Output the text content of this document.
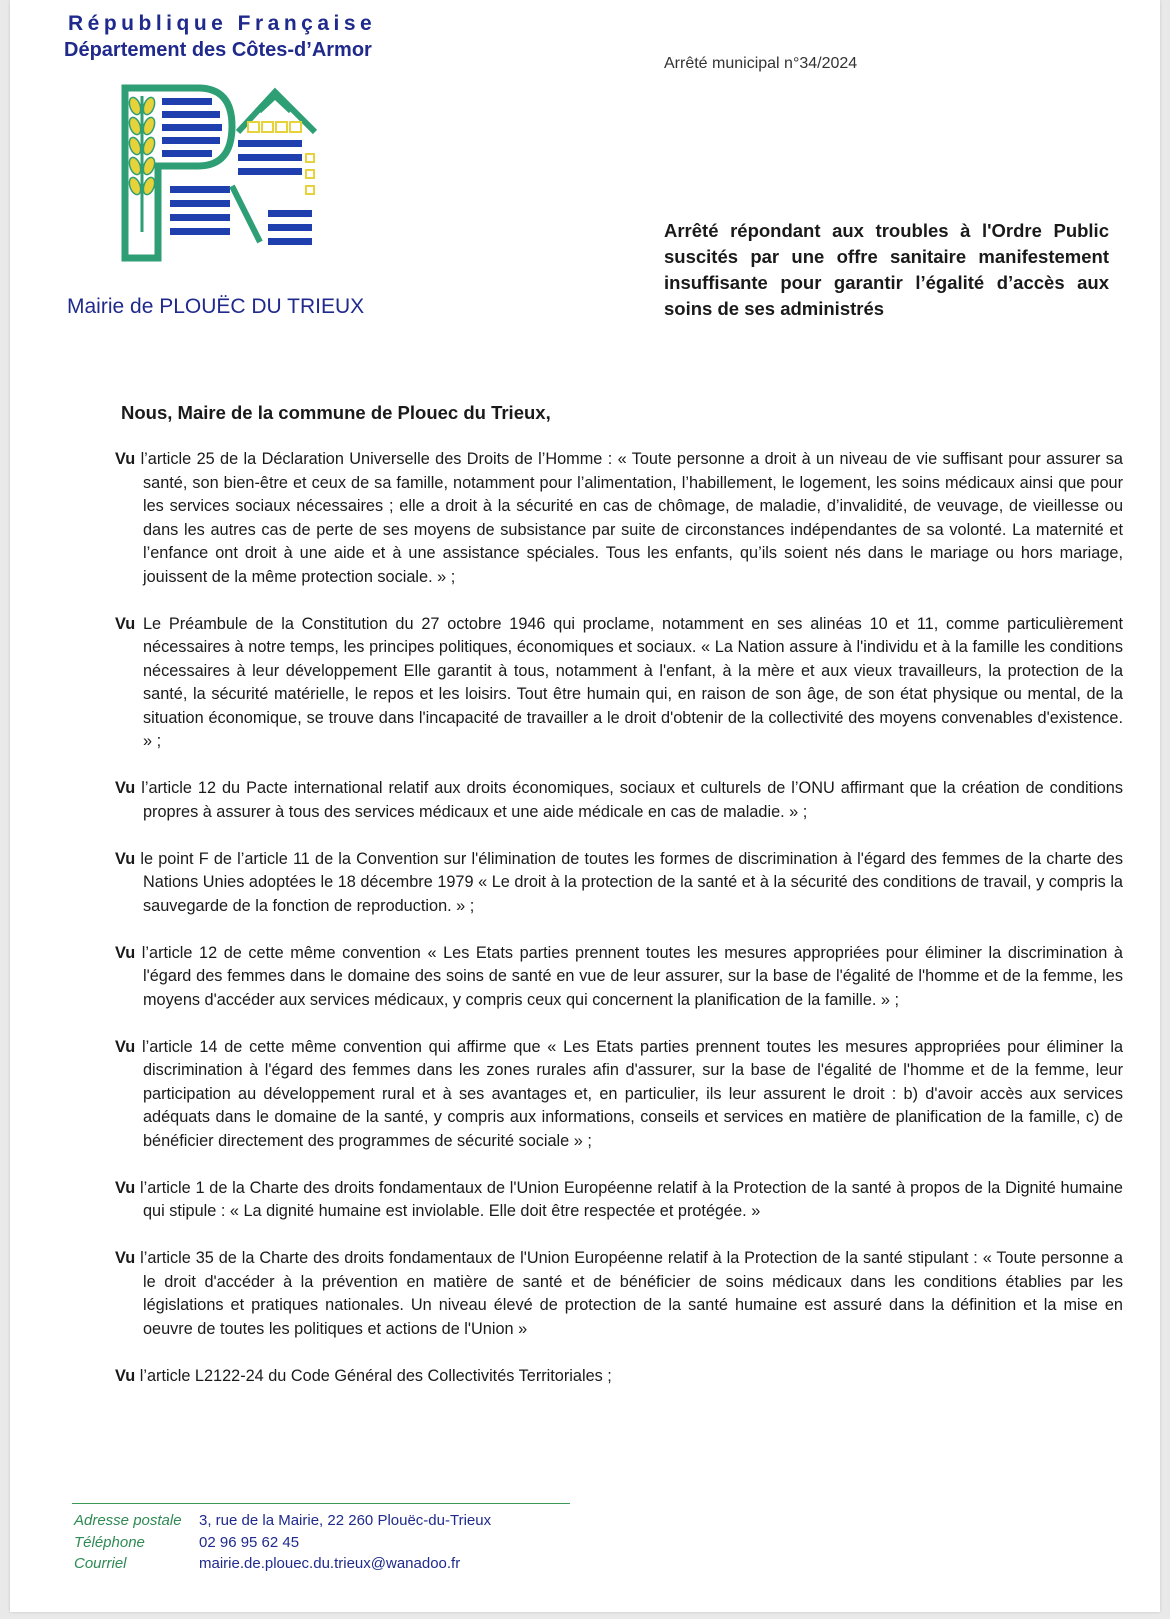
République Française
Département des Côtes-d’Armor
Mairie de PLOUËC DU TRIEUX
Arrêté municipal n°34/2024
Arrêté répondant aux troubles à l'Ordre Public suscités par une offre sanitaire manifestement insuffisante pour garantir l’égalité d’accès aux soins de ses administrés
Nous, Maire de la commune de Plouec du Trieux,

Vu l’article 25 de la Déclaration Universelle des Droits de l’Homme : « Toute personne a droit à un niveau de vie suffisant pour assurer sa santé, son bien-être et ceux de sa famille, notamment pour l’alimentation, l’habillement, le logement, les soins médicaux ainsi que pour les services sociaux nécessaires ; elle a droit à la sécurité en cas de chômage, de maladie, d’invalidité, de veuvage, de vieillesse ou dans les autres cas de perte de ses moyens de subsistance par suite de circonstances indépendantes de sa volonté. La maternité et l’enfance ont droit à une aide et à une assistance spéciales. Tous les enfants, qu’ils soient nés dans le mariage ou hors mariage, jouissent de la même protection sociale. » ;

Vu Le Préambule de la Constitution du 27 octobre 1946 qui proclame, notamment en ses alinéas 10 et 11, comme particulièrement nécessaires à notre temps, les principes politiques, économiques et sociaux. « La Nation assure à l'individu et à la famille les conditions nécessaires à leur développement Elle garantit à tous, notamment à l'enfant, à la mère et aux vieux travailleurs, la protection de la santé, la sécurité matérielle, le repos et les loisirs. Tout être humain qui, en raison de son âge, de son état physique ou mental, de la situation économique, se trouve dans l'incapacité de travailler a le droit d'obtenir de la collectivité des moyens convenables d'existence. » ;

Vu l’article 12 du Pacte international relatif aux droits économiques, sociaux et culturels de l’ONU affirmant que la création de conditions propres à assurer à tous des services médicaux et une aide médicale en cas de maladie. » ;

Vu le point F de l’article 11 de la Convention sur l'élimination de toutes les formes de discrimination à l'égard des femmes de la charte des Nations Unies adoptées le 18 décembre 1979 « Le droit à la protection de la santé et à la sécurité des conditions de travail, y compris la sauvegarde de la fonction de reproduction. » ;

Vu l’article 12 de cette même convention « Les Etats parties prennent toutes les mesures appropriées pour éliminer la discrimination à l'égard des femmes dans le domaine des soins de santé en vue de leur assurer, sur la base de l'égalité de l'homme et de la femme, les moyens d'accéder aux services médicaux, y compris ceux qui concernent la planification de la famille. » ;

Vu l’article 14 de cette même convention qui affirme que « Les Etats parties prennent toutes les mesures appropriées pour éliminer la discrimination à l'égard des femmes dans les zones rurales afin d'assurer, sur la base de l'égalité de l'homme et de la femme, leur participation au développement rural et à ses avantages et, en particulier, ils leur assurent le droit : b) d'avoir accès aux services adéquats dans le domaine de la santé, y compris aux informations, conseils et services en matière de planification de la famille, c) de bénéficier directement des programmes de sécurité sociale » ;

Vu l’article 1 de la Charte des droits fondamentaux de l'Union Européenne relatif à la Protection de la santé à propos de la Dignité humaine qui stipule : « La dignité humaine est inviolable. Elle doit être respectée et protégée. »

Vu l’article 35 de la Charte des droits fondamentaux de l'Union Européenne relatif à la Protection de la santé stipulant : « Toute personne a le droit d'accéder à la prévention en matière de santé et de bénéficier de soins médicaux dans les conditions établies par les législations et pratiques nationales. Un niveau élevé de protection de la santé humaine est assuré dans la définition et la mise en oeuvre de toutes les politiques et actions de l'Union »

Vu l’article L2122-24 du Code Général des Collectivités Territoriales ;

Adresse postale	3, rue de la Mairie, 22 260 Plouëc-du-Trieux
Téléphone	02 96 95 62 45
Courriel	mairie.de.plouec.du.trieux@wanadoo.fr
